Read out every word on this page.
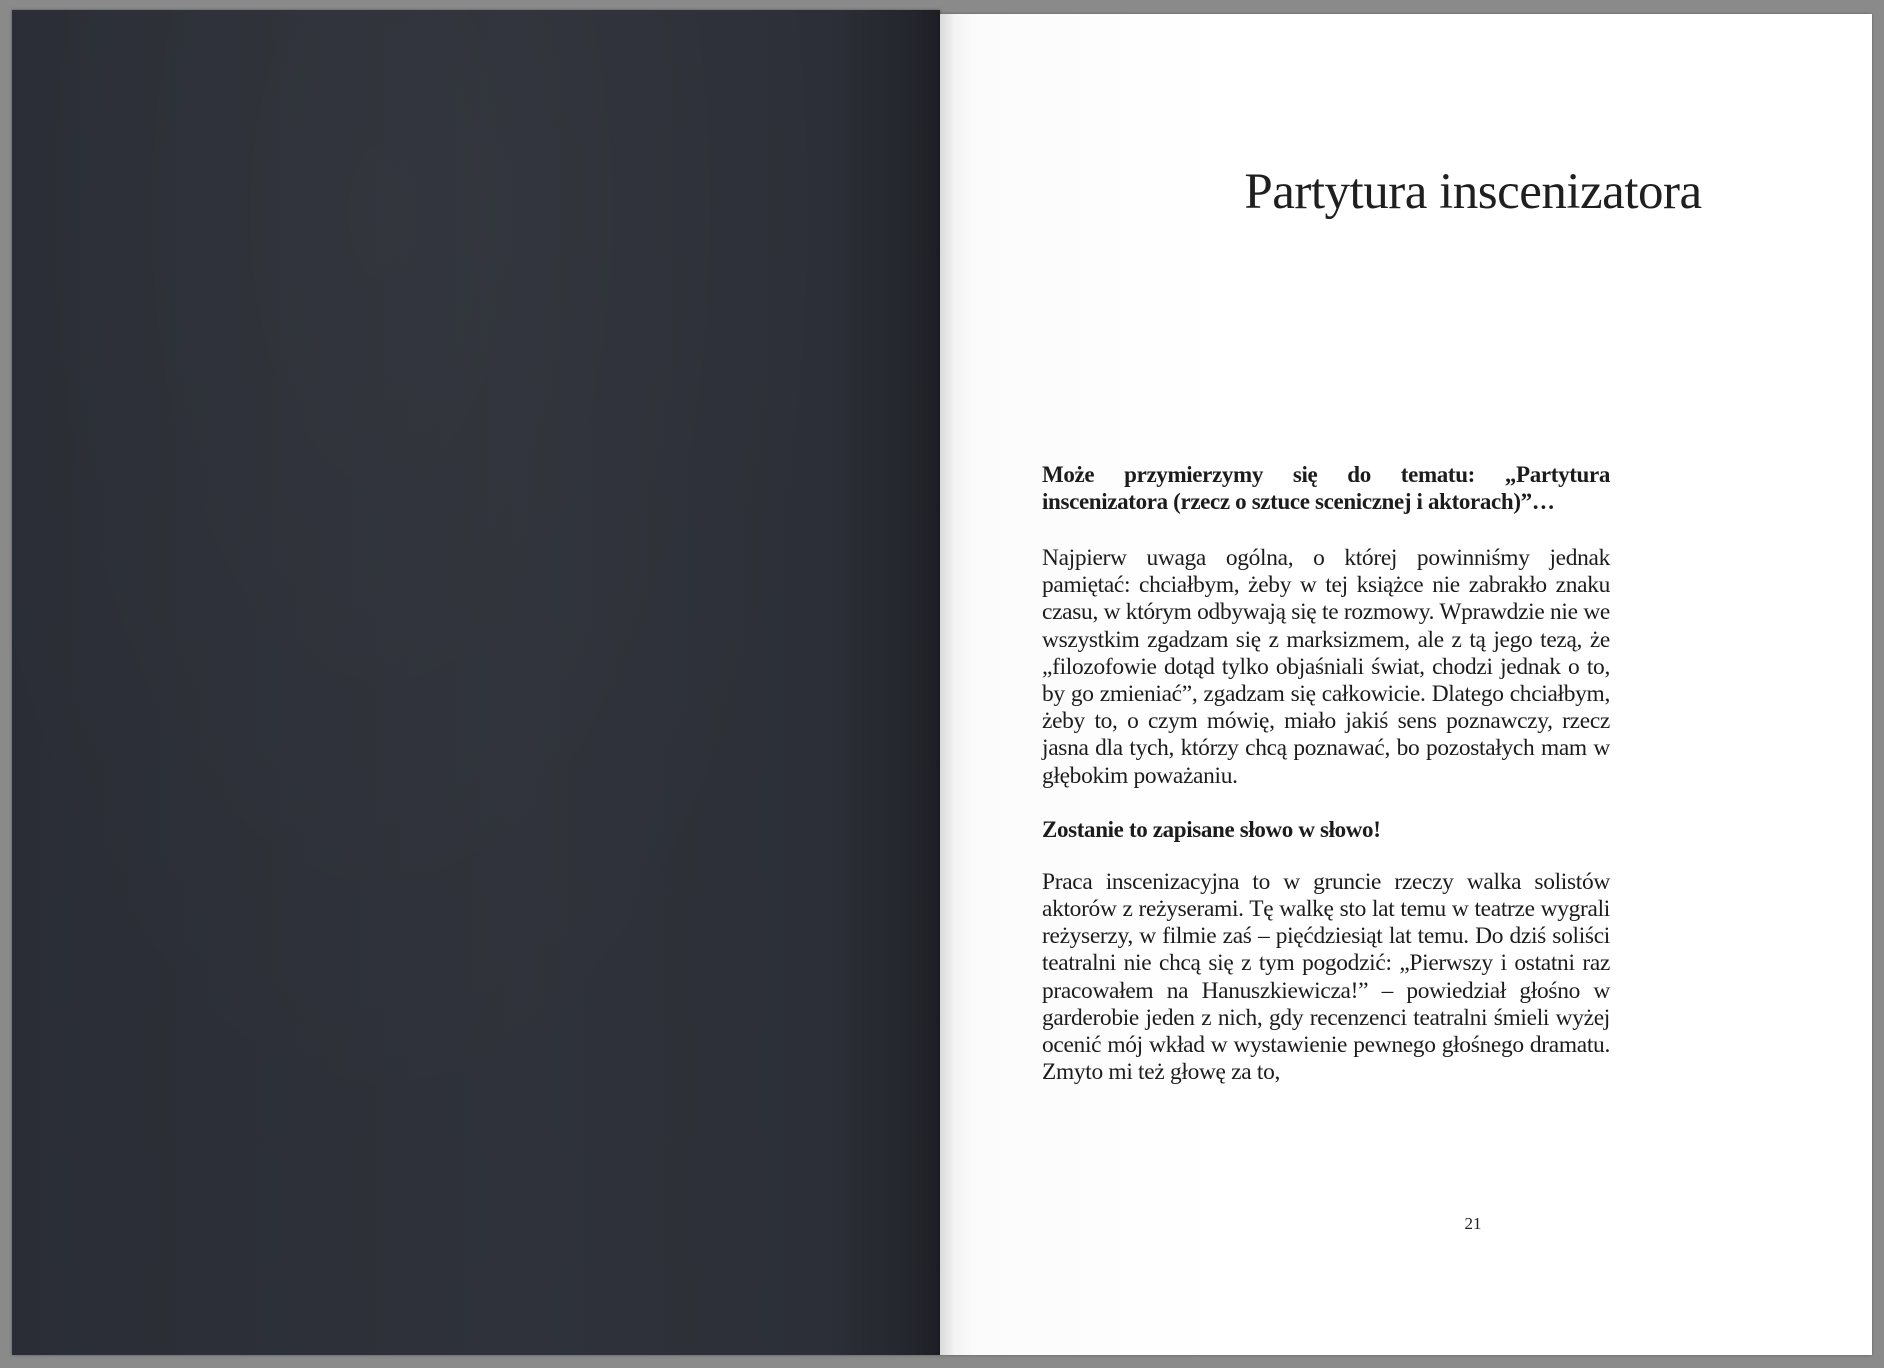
Partytura inscenizatora

Może przymierzymy się do tematu: „Partytura inscenizatora (rzecz o sztuce scenicznej i aktorach)”…

Najpierw uwaga ogólna, o której powinniśmy jednak pamiętać: chciałbym, żeby w tej książce nie zabrakło znaku czasu, w którym odbywają się te rozmowy. Wprawdzie nie we wszystkim zgadzam się z marksizmem, ale z tą jego tezą, że „filozofowie dotąd tylko objaśniali świat, chodzi jednak o to, by go zmieniać”, zgadzam się całkowicie. Dlatego chciałbym, żeby to, o czym mówię, miało jakiś sens poznawczy, rzecz jasna dla tych, którzy chcą poznawać, bo pozostałych mam w głębokim poważaniu.

Zostanie to zapisane słowo w słowo!

Praca inscenizacyjna to w gruncie rzeczy walka solistów aktorów z reżyserami. Tę walkę sto lat temu w teatrze wygrali reżyserzy, w filmie zaś – pięćdziesiąt lat temu. Do dziś soliści teatralni nie chcą się z tym pogodzić: „Pierwszy i ostatni raz pracowałem na Hanuszkiewicza!” – powiedział głośno w garderobie jeden z nich, gdy recenzenci teatralni śmieli wyżej ocenić mój wkład w wystawienie pewnego głośnego dramatu. Zmyto mi też głowę za to,

21
